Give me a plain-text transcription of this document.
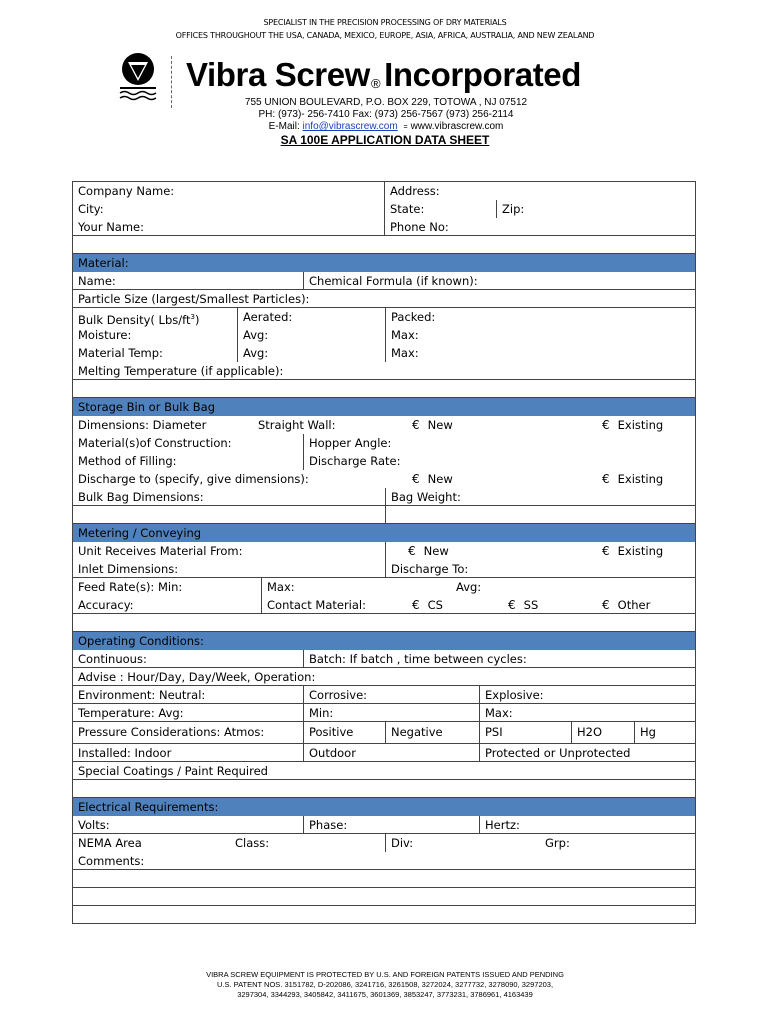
SPECIALIST IN THE PRECISION PROCESSING OF DRY MATERIALS
OFFICES THROUGHOUT THE USA, CANADA, MEXICO, EUROPE, ASIA, AFRICA, AUSTRALIA, AND NEW ZEALAND
Vibra Screw® Incorporated
755 UNION BOULEVARD, P.O. BOX 229, TOTOWA , NJ 07512
PH: (973)- 256-7410 Fax: (973) 256-7567 (973) 256-2114
E-Mail: info@vibrascrew.com = www.vibrascrew.com
SA 100E APPLICATION DATA SHEET
Company Name:	Address:
City:	State:	Zip:
Your Name:	Phone No:
Material:
Name:	Chemical Formula (if known):
Particle Size (largest/Smallest Particles):
Bulk Density( Lbs/$ft^3$)	Aerated:	Packed:
Moisture:	Avg:	Max:
Material Temp:	Avg:	Max:
Melting Temperature (if applicable):
Storage Bin or Bulk Bag
Dimensions: Diameter	Straight Wall:	€ New	€ Existing
Material(s)of Construction:	Hopper Angle:
Method of Filling:	Discharge Rate:
Discharge to (specify, give dimensions):	€ New	€ Existing
Bulk Bag Dimensions:	Bag Weight:
Metering / Conveying
Unit Receives Material From:	€ New	€ Existing
Inlet Dimensions:	Discharge To:
Feed Rate(s): Min:	Max:	Avg:
Accuracy:	Contact Material:	€ CS	€ SS	€ Other
Operating Conditions:
Continuous:	Batch: If batch , time between cycles:
Advise : Hour/Day, Day/Week, Operation:
Environment: Neutral:	Corrosive:	Explosive:
Temperature: Avg:	Min:	Max:
Pressure Considerations: Atmos:	Positive	Negative	PSI	H2O	Hg
Installed: Indoor	Outdoor	Protected or Unprotected
Special Coatings / Paint Required
Electrical Requirements:
Volts:	Phase:	Hertz:
NEMA Area	Class:	Div:	Grp:
Comments:
VIBRA SCREW EQUIPMENT IS PROTECTED BY U.S. AND FOREIGN PATENTS ISSUED AND PENDING
U.S. PATENT NOS. 3151782, D-202086, 3241716, 3261508, 3272024, 3277732, 3278090, 3297203,
3297304, 3344293, 3405842, 3411675, 3601369, 3853247, 3773231, 3786961, 4163439
